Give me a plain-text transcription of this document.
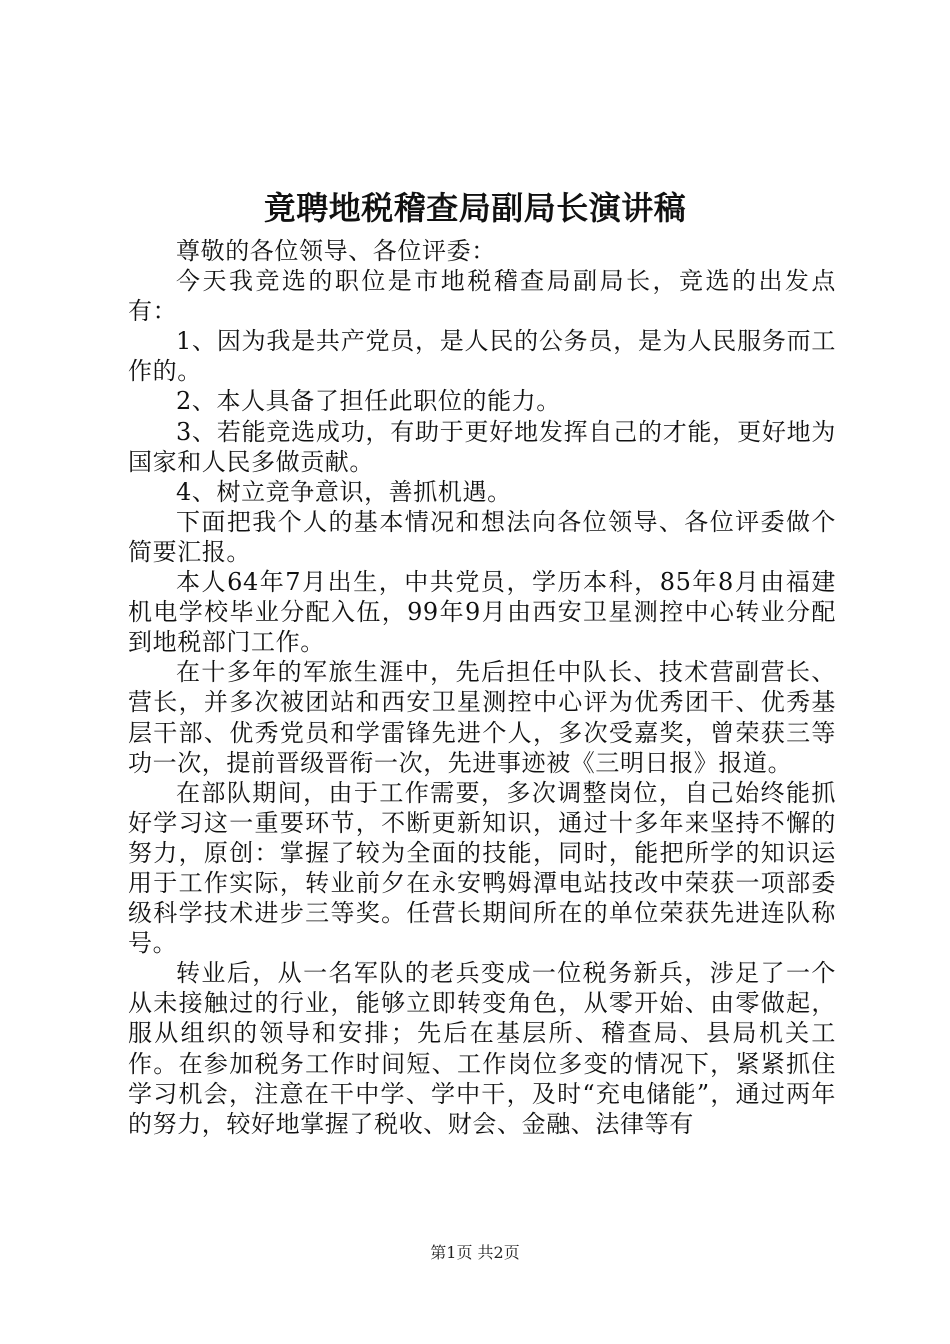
竟聘地税稽查局副局长演讲稿

尊敬的各位领导、各位评委：

今天我竞选的职位是市地税稽查局副局长，竞选的出发点有：

1、因为我是共产党员，是人民的公务员，是为人民服务而工作的。

2、本人具备了担任此职位的能力。

3、若能竞选成功，有助于更好地发挥自己的才能，更好地为国家和人民多做贡献。

4、树立竞争意识，善抓机遇。

下面把我个人的基本情况和想法向各位领导、各位评委做个简要汇报。

本人64年7月出生，中共党员，学历本科，85年8月由福建机电学校毕业分配入伍，99年9月由西安卫星测控中心转业分配到地税部门工作。

在十多年的军旅生涯中，先后担任中队长、技术营副营长、营长，并多次被团站和西安卫星测控中心评为优秀团干、优秀基层干部、优秀党员和学雷锋先进个人，多次受嘉奖，曾荣获三等功一次，提前晋级晋衔一次，先进事迹被《三明日报》报道。

在部队期间，由于工作需要，多次调整岗位，自己始终能抓好学习这一重要环节，不断更新知识，通过十多年来坚持不懈的努力，原创：掌握了较为全面的技能，同时，能把所学的知识运用于工作实际，转业前夕在永安鸭姆潭电站技改中荣获一项部委级科学技术进步三等奖。任营长期间所在的单位荣获先进连队称号。

转业后，从一名军队的老兵变成一位税务新兵，涉足了一个从未接触过的行业，能够立即转变角色，从零开始、由零做起，服从组织的领导和安排；先后在基层所、稽查局、县局机关工作。在参加税务工作时间短、工作岗位多变的情况下，紧紧抓住学习机会，注意在干中学、学中干，及时“充电储能”，通过两年的努力，较好地掌握了税收、财会、金融、法律等有

第1页 共2页
